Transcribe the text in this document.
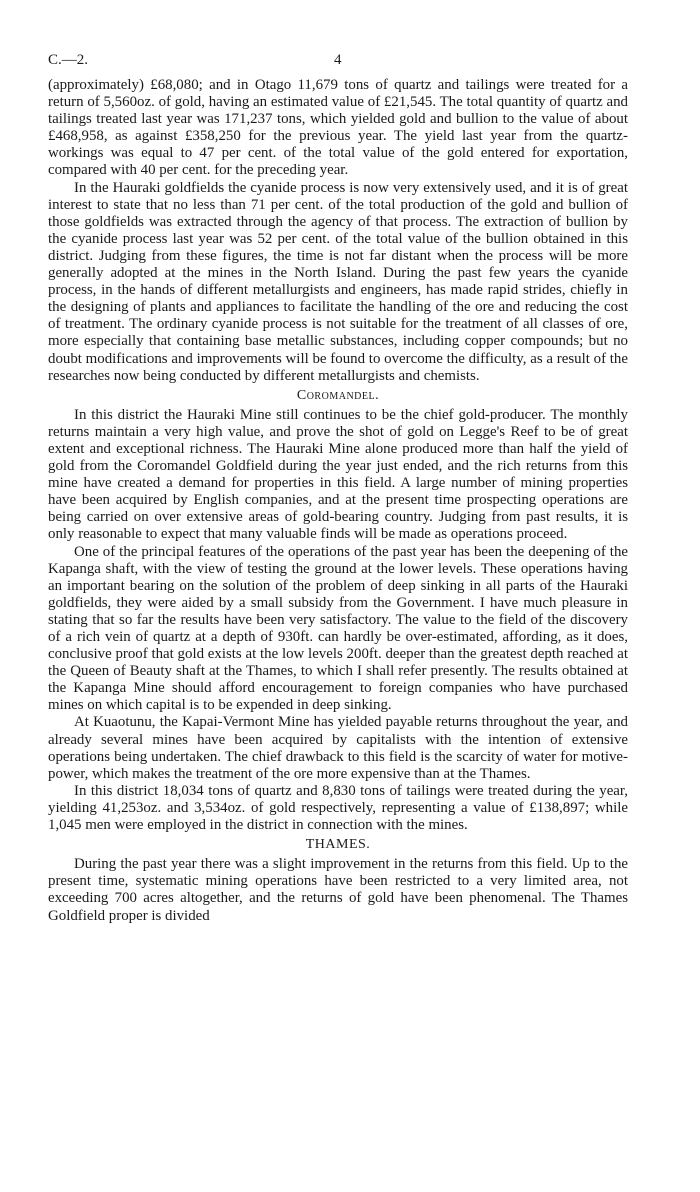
C.—2.	4

(approximately) £68,080; and in Otago 11,679 tons of quartz and tailings were treated for a return of 5,560oz. of gold, having an estimated value of £21,545. The total quantity of quartz and tailings treated last year was 171,237 tons, which yielded gold and bullion to the value of about £468,958, as against £358,250 for the previous year. The yield last year from the quartz-workings was equal to 47 per cent. of the total value of the gold entered for exportation, compared with 40 per cent. for the preceding year.

In the Hauraki goldfields the cyanide process is now very extensively used, and it is of great interest to state that no less than 71 per cent. of the total production of the gold and bullion of those goldfields was extracted through the agency of that process. The extraction of bullion by the cyanide process last year was 52 per cent. of the total value of the bullion obtained in this district. Judging from these figures, the time is not far distant when the process will be more generally adopted at the mines in the North Island. During the past few years the cyanide process, in the hands of different metallurgists and engineers, has made rapid strides, chiefly in the designing of plants and appliances to facilitate the handling of the ore and reducing the cost of treatment. The ordinary cyanide process is not suitable for the treatment of all classes of ore, more especially that containing base metallic substances, including copper compounds; but no doubt modifications and improvements will be found to overcome the difficulty, as a result of the researches now being conducted by different metallurgists and chemists.

Coromandel.

In this district the Hauraki Mine still continues to be the chief gold-producer. The monthly returns maintain a very high value, and prove the shot of gold on Legge's Reef to be of great extent and exceptional richness. The Hauraki Mine alone produced more than half the yield of gold from the Coromandel Goldfield during the year just ended, and the rich returns from this mine have created a demand for properties in this field. A large number of mining properties have been acquired by English companies, and at the present time prospecting operations are being carried on over extensive areas of gold-bearing country. Judging from past results, it is only reasonable to expect that many valuable finds will be made as operations proceed.

One of the principal features of the operations of the past year has been the deepening of the Kapanga shaft, with the view of testing the ground at the lower levels. These operations having an important bearing on the solution of the problem of deep sinking in all parts of the Hauraki goldfields, they were aided by a small subsidy from the Government. I have much pleasure in stating that so far the results have been very satisfactory. The value to the field of the discovery of a rich vein of quartz at a depth of 930ft. can hardly be over-estimated, affording, as it does, conclusive proof that gold exists at the low levels 200ft. deeper than the greatest depth reached at the Queen of Beauty shaft at the Thames, to which I shall refer presently. The results obtained at the Kapanga Mine should afford encouragement to foreign companies who have purchased mines on which capital is to be expended in deep sinking.

At Kuaotunu, the Kapai-Vermont Mine has yielded payable returns throughout the year, and already several mines have been acquired by capitalists with the intention of extensive operations being undertaken. The chief drawback to this field is the scarcity of water for motive-power, which makes the treatment of the ore more expensive than at the Thames.

In this district 18,034 tons of quartz and 8,830 tons of tailings were treated during the year, yielding 41,253oz. and 3,534oz. of gold respectively, representing a value of £138,897; while 1,045 men were employed in the district in connection with the mines.

THAMES.

During the past year there was a slight improvement in the returns from this field. Up to the present time, systematic mining operations have been restricted to a very limited area, not exceeding 700 acres altogether, and the returns of gold have been phenomenal. The Thames Goldfield proper is divided
